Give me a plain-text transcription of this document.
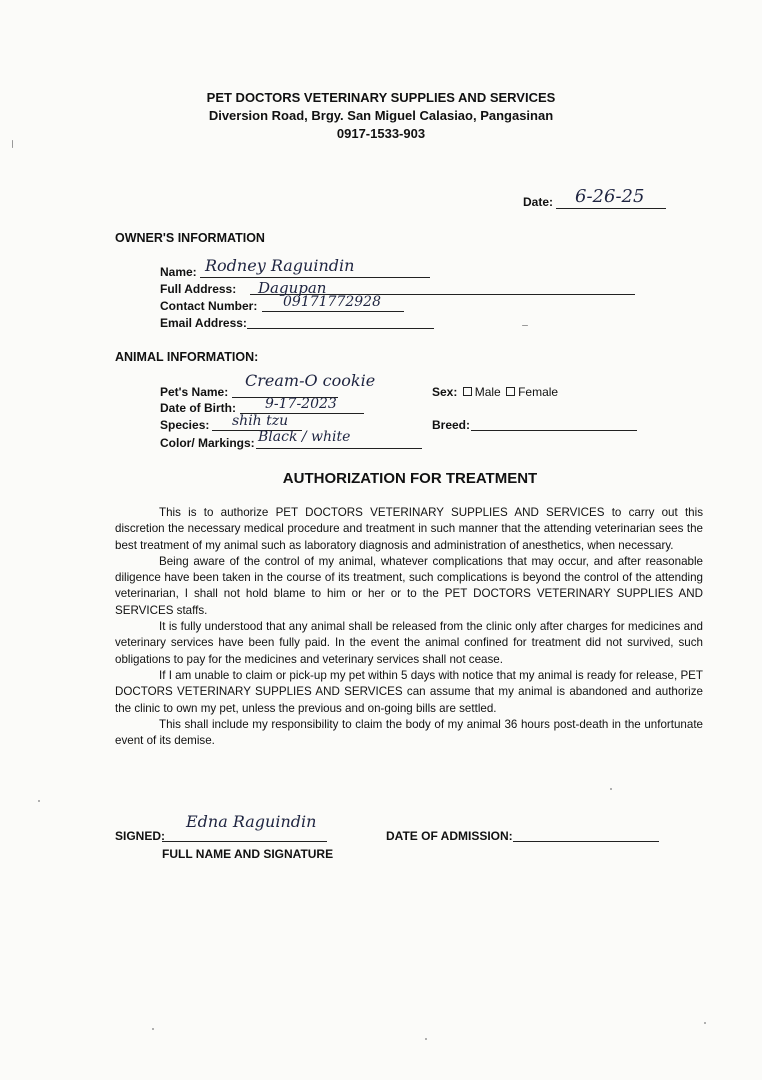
PET DOCTORS VETERINARY SUPPLIES AND SERVICES
Diversion Road, Brgy. San Miguel Calasiao, Pangasinan
0917-1533-903
Date: 6-26-25
OWNER'S INFORMATION
Name: Rodney Raguindin
Full Address: Dagupan
Contact Number: 09171772928
Email Address:
ANIMAL INFORMATION:
Pet's Name:
Cream-O cookie
Date of Birth: 9-17-2023
Species: shih tzu
Color/ Markings: Black / white
Sex: Male Female
Breed:
AUTHORIZATION FOR TREATMENT

This is to authorize PET DOCTORS VETERINARY SUPPLIES AND SERVICES to carry out this discretion the necessary medical procedure and treatment in such manner that the attending veterinarian sees the best treatment of my animal such as laboratory diagnosis and administration of anesthetics, when necessary.

Being aware of the control of my animal, whatever complications that may occur, and after reasonable diligence have been taken in the course of its treatment, such complications is beyond the control of the attending veterinarian, I shall not hold blame to him or her or to the PET DOCTORS VETERINARY SUPPLIES AND SERVICES staffs.

It is fully understood that any animal shall be released from the clinic only after charges for medicines and veterinary services have been fully paid. In the event the animal confined for treatment did not survived, such obligations to pay for the medicines and veterinary services shall not cease.

If I am unable to claim or pick-up my pet within 5 days with notice that my animal is ready for release, PET DOCTORS VETERINARY SUPPLIES AND SERVICES can assume that my animal is abandoned and authorize the clinic to own my pet, unless the previous and on-going bills are settled.

This shall include my responsibility to claim the body of my animal 36 hours post-death in the unfortunate event of its demise.

SIGNED:
Edna Raguindin
FULL NAME AND SIGNATURE
DATE OF ADMISSION:
